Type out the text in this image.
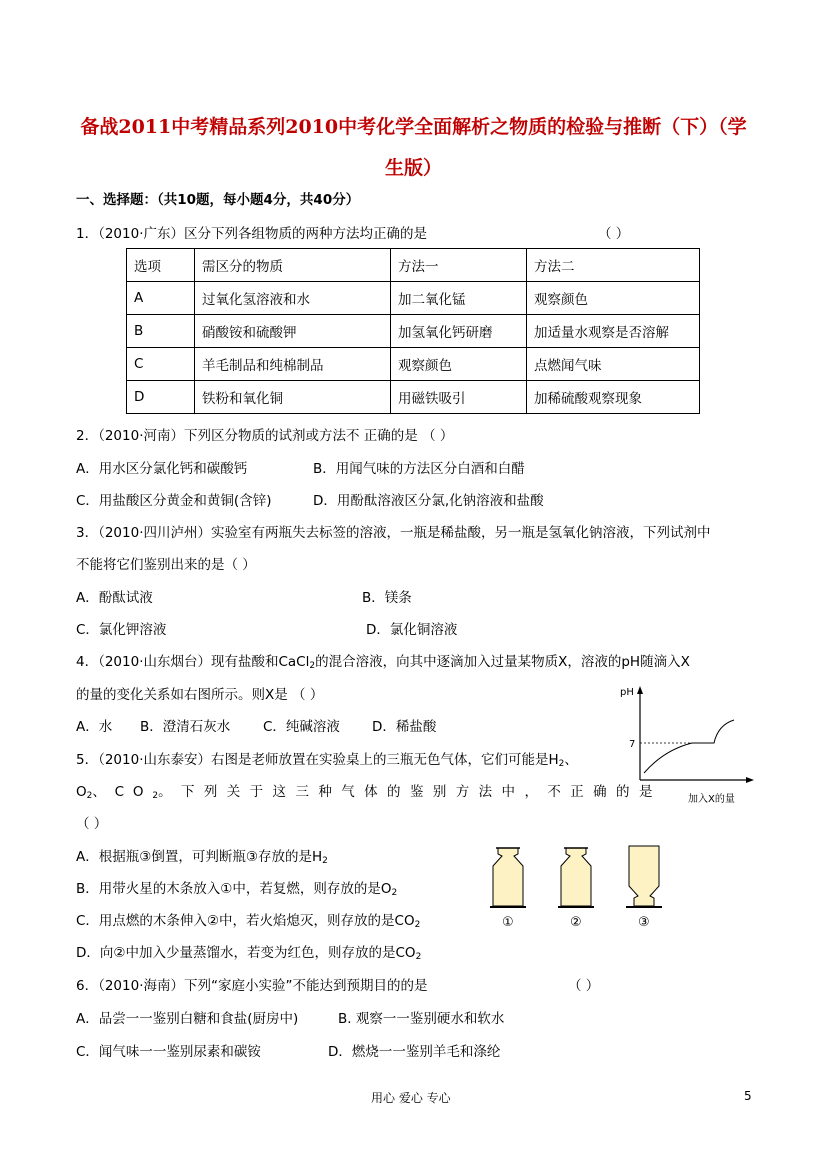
备战2011中考精品系列2010中考化学全面解析之物质的检验与推断（下）（学
生版）
一、选择题：（共10题，每小题4分，共40分）
1．（2010·广东）区分下列各组物质的两种方法均正确的是	（ ）
选项	需区分的物质	方法一	方法二
A	过氧化氢溶液和水	加二氧化锰	观察颜色
B	硝酸铵和硫酸钾	加氢氧化钙研磨	加适量水观察是否溶解
C	羊毛制品和纯棉制品	观察颜色	点燃闻气味
D	铁粉和氧化铜	用磁铁吸引	加稀硫酸观察现象
2．（2010·河南）下列区分物质的试剂或方法不 正确的是 （ ）
A．用水区分氯化钙和碳酸钙	B．用闻气味的方法区分白酒和白醋
C．用盐酸区分黄金和黄铜(含锌)	D．用酚酞溶液区分氯,化钠溶液和盐酸
3．（2010·四川泸州）实验室有两瓶失去标签的溶液，一瓶是稀盐酸，另一瓶是氢氧化钠溶液，下列试剂中
不能将它们鉴别出来的是（ ）
A．酚酞试液	B．镁条
C．氯化钾溶液	D．氯化铜溶液
4．（2010·山东烟台）现有盐酸和CaCl2的混合溶液，向其中逐滴加入过量某物质X，溶液的pH随滴入X
的量的变化关系如右图所示。则X是 （ ）
A．水 B．澄清石灰水 C．纯碱溶液 D．稀盐酸
pH
7
加入X的量
5．（2010·山东泰安）右图是老师放置在实验桌上的三瓶无色气体，它们可能是H2、
O2、CO2。下列关于这三种气体的鉴别方法中，不正确的是
（ ）
A．根据瓶③倒置，可判断瓶③存放的是H2
B．用带火星的木条放入①中，若复燃，则存放的是O2
C．用点燃的木条伸入②中，若火焰熄灭，则存放的是CO2
D．向②中加入少量蒸馏水，若变为红色，则存放的是CO2
①	②	③
6．（2010·海南）下列“家庭小实验”不能达到预期目的的是	（ ）
A．品尝一一鉴别白糖和食盐(厨房中)	B. 观察一一鉴别硬水和软水
C．闻气味一一鉴别尿素和碳铵	D．燃烧一一鉴别羊毛和涤纶
用心 爱心 专心	5
